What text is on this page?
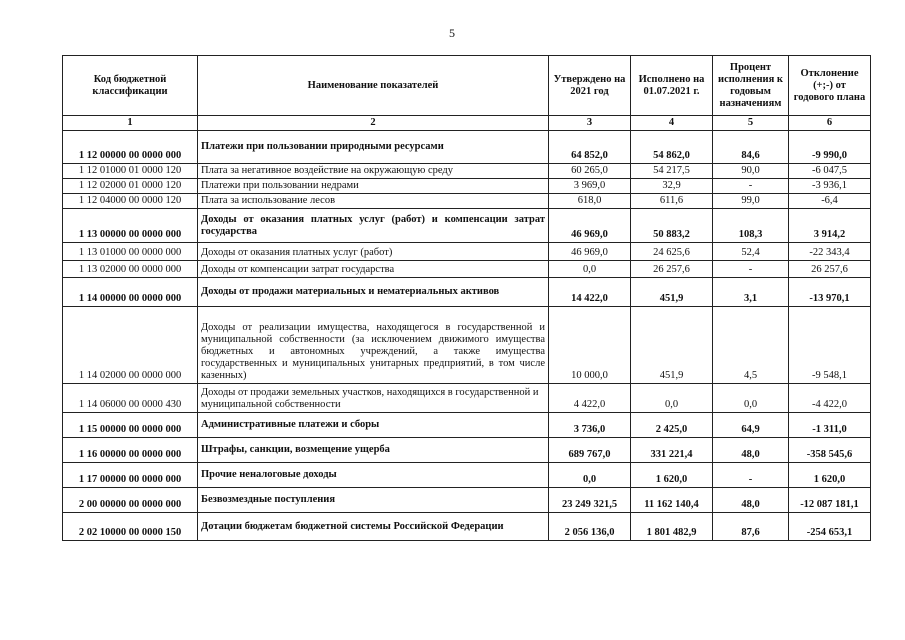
5
Код бюджетной классификации	Наименование показателей	Утверждено на 2021 год	Исполнено на 01.07.2021 г.	Процент исполнения к годовым назначениям	Отклонение (+;-) от годового плана
1	2	3	4	5	6
1 12 00000 00 0000 000	Платежи при пользовании природными ресурсами	64 852,0	54 862,0	84,6	-9 990,0
1 12 01000 01 0000 120	Плата за негативное воздействие на окружающую среду	60 265,0	54 217,5	90,0	-6 047,5
1 12 02000 01 0000 120	Платежи при пользовании недрами	3 969,0	32,9	-	-3 936,1
1 12 04000 00 0000 120	Плата за использование лесов	618,0	611,6	99,0	-6,4
1 13 00000 00 0000 000	Доходы от оказания платных услуг (работ) и компенсации затрат государства	46 969,0	50 883,2	108,3	3 914,2
1 13 01000 00 0000 000	Доходы от оказания платных услуг (работ)	46 969,0	24 625,6	52,4	-22 343,4
1 13 02000 00 0000 000	Доходы от компенсации затрат государства	0,0	26 257,6	-	26 257,6
1 14 00000 00 0000 000	Доходы от продажи материальных и нематериальных активов	14 422,0	451,9	3,1	-13 970,1
1 14 02000 00 0000 000	Доходы от реализации имущества, находящегося в государственной и муниципальной собственности (за исключением движимого имущества бюджетных и автономных учреждений, а также имущества государственных и муниципальных унитарных предприятий, в том числе казенных)	10 000,0	451,9	4,5	-9 548,1
1 14 06000 00 0000 430	Доходы от продажи земельных участков, находящихся в государственной и муниципальной собственности	4 422,0	0,0	0,0	-4 422,0
1 15 00000 00 0000 000	Административные платежи и сборы	3 736,0	2 425,0	64,9	-1 311,0
1 16 00000 00 0000 000	Штрафы, санкции, возмещение ущерба	689 767,0	331 221,4	48,0	-358 545,6
1 17 00000 00 0000 000	Прочие неналоговые доходы	0,0	1 620,0	-	1 620,0
2 00 00000 00 0000 000	Безвозмездные поступления	23 249 321,5	11 162 140,4	48,0	-12 087 181,1
2 02 10000 00 0000 150	Дотации бюджетам бюджетной системы Российской Федерации	2 056 136,0	1 801 482,9	87,6	-254 653,1
